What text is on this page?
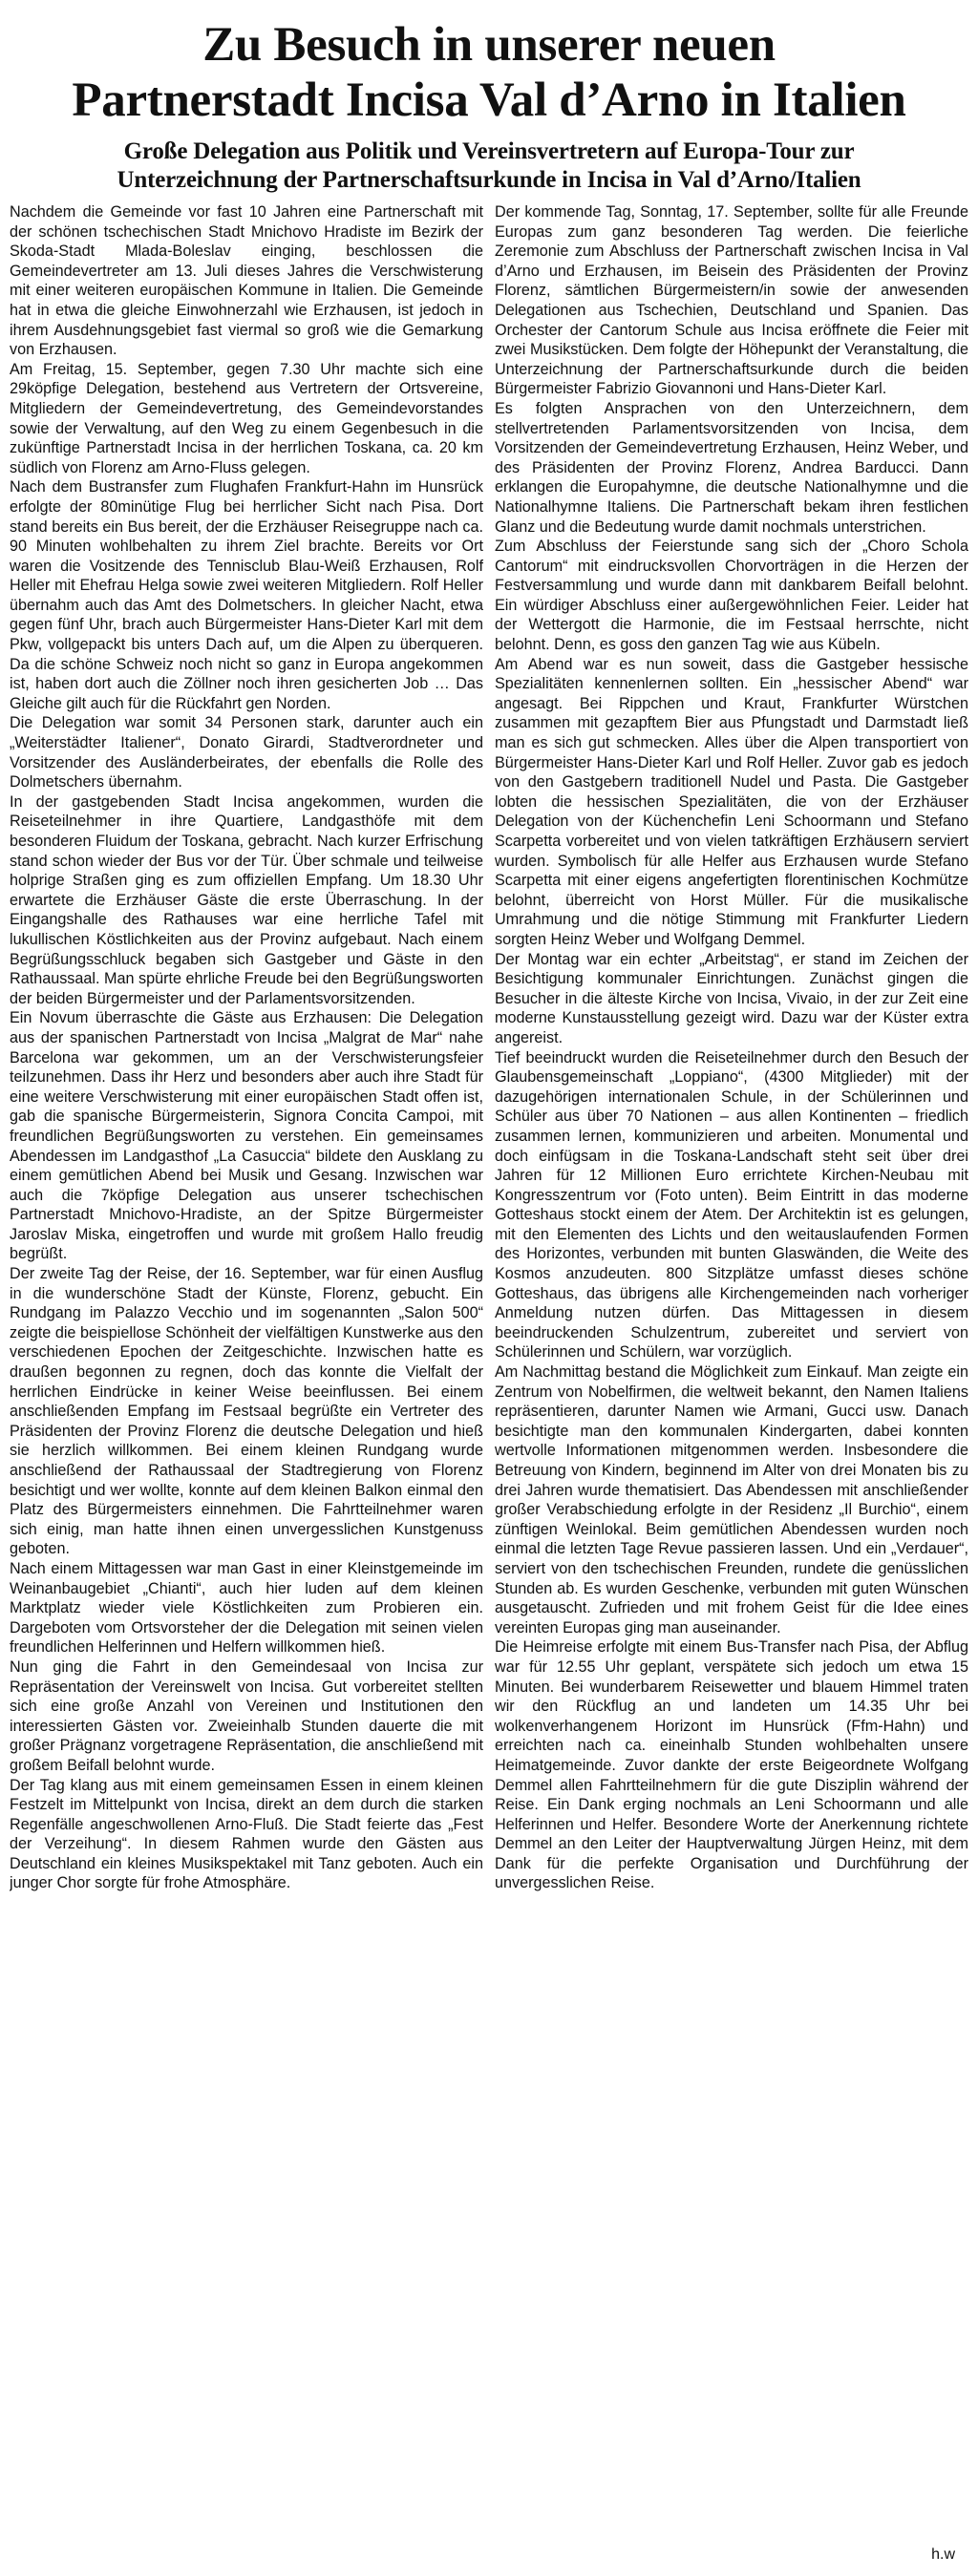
Zu Besuch in unserer neuen
Partnerstadt Incisa Val d’Arno in Italien
Große Delegation aus Politik und Vereinsvertretern auf Europa-Tour zur
Unterzeichnung der Partnerschaftsurkunde in Incisa in Val d’Arno/Italien

Nachdem die Gemeinde vor fast 10 Jahren eine Partnerschaft mit der schönen tschechischen Stadt Mnichovo Hradiste im Bezirk der Skoda-Stadt Mlada-Boleslav einging, beschlossen die Gemeindevertreter am 13. Juli dieses Jahres die Verschwisterung mit einer weiteren europäischen Kommune in Italien. Die Gemeinde hat in etwa die gleiche Einwohnerzahl wie Erzhausen, ist jedoch in ihrem Ausdehnungsgebiet fast viermal so groß wie die Gemarkung von Erzhausen.

Am Freitag, 15. September, gegen 7.30 Uhr machte sich eine 29köpfige Delegation, bestehend aus Vertretern der Ortsvereine, Mitgliedern der Gemeindevertretung, des Gemeindevorstandes sowie der Verwaltung, auf den Weg zu einem Gegenbesuch in die zukünftige Partnerstadt Incisa in der herrlichen Toskana, ca. 20 km südlich von Florenz am Arno-Fluss gelegen.

Nach dem Bustransfer zum Flughafen Frankfurt-Hahn im Hunsrück erfolgte der 80minütige Flug bei herrlicher Sicht nach Pisa. Dort stand bereits ein Bus bereit, der die Erzhäuser Reisegruppe nach ca. 90 Minuten wohlbehalten zu ihrem Ziel brachte. Bereits vor Ort waren die Vositzende des Tennisclub Blau-Weiß Erzhausen, Rolf Heller mit Ehefrau Helga sowie zwei weiteren Mitgliedern. Rolf Heller übernahm auch das Amt des Dolmetschers. In gleicher Nacht, etwa gegen fünf Uhr, brach auch Bürgermeister Hans-Dieter Karl mit dem Pkw, vollgepackt bis unters Dach auf, um die Alpen zu überqueren. Da die schöne Schweiz noch nicht so ganz in Europa angekommen ist, haben dort auch die Zöllner noch ihren gesicherten Job … Das Gleiche gilt auch für die Rückfahrt gen Norden.

Die Delegation war somit 34 Personen stark, darunter auch ein „Weiterstädter Italiener“, Donato Girardi, Stadtverordneter und Vorsitzender des Ausländerbeirates, der ebenfalls die Rolle des Dolmetschers übernahm.

In der gastgebenden Stadt Incisa angekommen, wurden die Reiseteilnehmer in ihre Quartiere, Landgasthöfe mit dem besonderen Fluidum der Toskana, gebracht. Nach kurzer Erfrischung stand schon wieder der Bus vor der Tür. Über schmale und teilweise holprige Straßen ging es zum offiziellen Empfang. Um 18.30 Uhr erwartete die Erzhäuser Gäste die erste Überraschung. In der Eingangshalle des Rathauses war eine herrliche Tafel mit lukullischen Köstlichkeiten aus der Provinz aufgebaut. Nach einem Begrüßungsschluck begaben sich Gastgeber und Gäste in den Rathaussaal. Man spürte ehrliche Freude bei den Begrüßungsworten der beiden Bürgermeister und der Parlamentsvorsitzenden.

Ein Novum überraschte die Gäste aus Erzhausen: Die Delegation aus der spanischen Partnerstadt von Incisa „Malgrat de Mar“ nahe Barcelona war gekommen, um an der Verschwisterungsfeier teilzunehmen. Dass ihr Herz und besonders aber auch ihre Stadt für eine weitere Verschwisterung mit einer europäischen Stadt offen ist, gab die spanische Bürgermeisterin, Signora Concita Campoi, mit freundlichen Begrüßungsworten zu verstehen. Ein gemeinsames Abendessen im Landgasthof „La Casuccia“ bildete den Ausklang zu einem gemütlichen Abend bei Musik und Gesang. Inzwischen war auch die 7köpfige Delegation aus unserer tschechischen Partnerstadt Mnichovo-Hradiste, an der Spitze Bürgermeister Jaroslav Miska, eingetroffen und wurde mit großem Hallo freudig begrüßt.

Der zweite Tag der Reise, der 16. September, war für einen Ausflug in die wunderschöne Stadt der Künste, Florenz, gebucht. Ein Rundgang im Palazzo Vecchio und im sogenannten „Salon 500“ zeigte die beispiellose Schönheit der vielfältigen Kunstwerke aus den verschiedenen Epochen der Zeitgeschichte. Inzwischen hatte es draußen begonnen zu regnen, doch das konnte die Vielfalt der herrlichen Eindrücke in keiner Weise beeinflussen. Bei einem anschließenden Empfang im Festsaal begrüßte ein Vertreter des Präsidenten der Provinz Florenz die deutsche Delegation und hieß sie herzlich willkommen. Bei einem kleinen Rundgang wurde anschließend der Rathaussaal der Stadtregierung von Florenz besichtigt und wer wollte, konnte auf dem kleinen Balkon einmal den Platz des Bürgermeisters einnehmen. Die Fahrtteilnehmer waren sich einig, man hatte ihnen einen unvergesslichen Kunstgenuss geboten.

Nach einem Mittagessen war man Gast in einer Kleinstgemeinde im Weinanbaugebiet „Chianti“, auch hier luden auf dem kleinen Marktplatz wieder viele Köstlichkeiten zum Probieren ein. Dargeboten vom Ortsvorsteher der die Delegation mit seinen vielen freundlichen Helferinnen und Helfern willkommen hieß.

Nun ging die Fahrt in den Gemeindesaal von Incisa zur Repräsentation der Vereinswelt von Incisa. Gut vorbereitet stellten sich eine große Anzahl von Vereinen und Institutionen den interessierten Gästen vor. Zweieinhalb Stunden dauerte die mit großer Prägnanz vorgetragene Repräsentation, die anschließend mit großem Beifall belohnt wurde.

Der Tag klang aus mit einem gemeinsamen Essen in einem kleinen Festzelt im Mittelpunkt von Incisa, direkt an dem durch die starken Regenfälle angeschwollenen Arno-Fluß. Die Stadt feierte das „Fest der Verzeihung“. In diesem Rahmen wurde den Gästen aus Deutschland ein kleines Musikspektakel mit Tanz geboten. Auch ein junger Chor sorgte für frohe Atmosphäre.

Der kommende Tag, Sonntag, 17. September, sollte für alle Freunde Europas zum ganz besonderen Tag werden. Die feierliche Zeremonie zum Abschluss der Partnerschaft zwischen Incisa in Val d’Arno und Erzhausen, im Beisein des Präsidenten der Provinz Florenz, sämtlichen Bürgermeistern/in sowie der anwesenden Delegationen aus Tschechien, Deutschland und Spanien. Das Orchester der Cantorum Schule aus Incisa eröffnete die Feier mit zwei Musikstücken. Dem folgte der Höhepunkt der Veranstaltung, die Unterzeichnung der Partnerschaftsurkunde durch die beiden Bürgermeister Fabrizio Giovannoni und Hans-Dieter Karl.

Es folgten Ansprachen von den Unterzeichnern, dem stellvertretenden Parlamentsvorsitzenden von Incisa, dem Vorsitzenden der Gemeindevertretung Erzhausen, Heinz Weber, und des Präsidenten der Provinz Florenz, Andrea Barducci. Dann erklangen die Europahymne, die deutsche Nationalhymne und die Nationalhymne Italiens. Die Partnerschaft bekam ihren festlichen Glanz und die Bedeutung wurde damit nochmals unterstrichen.

Zum Abschluss der Feierstunde sang sich der „Choro Schola Cantorum“ mit eindrucksvollen Chorvorträgen in die Herzen der Festversammlung und wurde dann mit dankbarem Beifall belohnt. Ein würdiger Abschluss einer außergewöhnlichen Feier. Leider hat der Wettergott die Harmonie, die im Festsaal herrschte, nicht belohnt. Denn, es goss den ganzen Tag wie aus Kübeln.

Am Abend war es nun soweit, dass die Gastgeber hessische Spezialitäten kennenlernen sollten. Ein „hessischer Abend“ war angesagt. Bei Rippchen und Kraut, Frankfurter Würstchen zusammen mit gezapftem Bier aus Pfungstadt und Darmstadt ließ man es sich gut schmecken. Alles über die Alpen transportiert von Bürgermeister Hans-Dieter Karl und Rolf Heller. Zuvor gab es jedoch von den Gastgebern traditionell Nudel und Pasta. Die Gastgeber lobten die hessischen Spezialitäten, die von der Erzhäuser Delegation von der Küchenchefin Leni Schoormann und Stefano Scarpetta vorbereitet und von vielen tatkräftigen Erzhäusern serviert wurden. Symbolisch für alle Helfer aus Erzhausen wurde Stefano Scarpetta mit einer eigens angefertigten florentinischen Kochmütze belohnt, überreicht von Horst Müller. Für die musikalische Umrahmung und die nötige Stimmung mit Frankfurter Liedern sorgten Heinz Weber und Wolfgang Demmel.

Der Montag war ein echter „Arbeitstag“, er stand im Zeichen der Besichtigung kommunaler Einrichtungen. Zunächst gingen die Besucher in die älteste Kirche von Incisa, Vivaio, in der zur Zeit eine moderne Kunstausstellung gezeigt wird. Dazu war der Küster extra angereist.

Tief beeindruckt wurden die Reiseteilnehmer durch den Besuch der Glaubensgemeinschaft „Loppiano“, (4300 Mitglieder) mit der dazugehörigen internationalen Schule, in der Schülerinnen und Schüler aus über 70 Nationen – aus allen Kontinenten – friedlich zusammen lernen, kommunizieren und arbeiten. Monumental und doch einfügsam in die Toskana-Landschaft steht seit über drei Jahren für 12 Millionen Euro errichtete Kirchen-Neubau mit Kongresszentrum vor (Foto unten). Beim Eintritt in das moderne Gotteshaus stockt einem der Atem. Der Architektin ist es gelungen, mit den Elementen des Lichts und den weitauslaufenden Formen des Horizontes, verbunden mit bunten Glaswänden, die Weite des Kosmos anzudeuten. 800 Sitzplätze umfasst dieses schöne Gotteshaus, das übrigens alle Kirchengemeinden nach vorheriger Anmeldung nutzen dürfen. Das Mittagessen in diesem beeindruckenden Schulzentrum, zubereitet und serviert von Schülerinnen und Schülern, war vorzüglich.

Am Nachmittag bestand die Möglichkeit zum Einkauf. Man zeigte ein Zentrum von Nobelfirmen, die weltweit bekannt, den Namen Italiens repräsentieren, darunter Namen wie Armani, Gucci usw. Danach besichtigte man den kommunalen Kindergarten, dabei konnten wertvolle Informationen mitgenommen werden. Insbesondere die Betreuung von Kindern, beginnend im Alter von drei Monaten bis zu drei Jahren wurde thematisiert. Das Abendessen mit anschließender großer Verabschiedung erfolgte in der Residenz „Il Burchio“, einem zünftigen Weinlokal. Beim gemütlichen Abendessen wurden noch einmal die letzten Tage Revue passieren lassen. Und ein „Verdauer“, serviert von den tschechischen Freunden, rundete die genüsslichen Stunden ab. Es wurden Geschenke, verbunden mit guten Wünschen ausgetauscht. Zufrieden und mit frohem Geist für die Idee eines vereinten Europas ging man auseinander.

Die Heimreise erfolgte mit einem Bus-Transfer nach Pisa, der Abflug war für 12.55 Uhr geplant, verspätete sich jedoch um etwa 15 Minuten. Bei wunderbarem Reisewetter und blauem Himmel traten wir den Rückflug an und landeten um 14.35 Uhr bei wolkenverhangenem Horizont im Hunsrück (Ffm-Hahn) und erreichten nach ca. eineinhalb Stunden wohlbehalten unsere Heimatgemeinde. Zuvor dankte der erste Beigeordnete Wolfgang Demmel allen Fahrtteilnehmern für die gute Disziplin während der Reise. Ein Dank erging nochmals an Leni Schoormann und alle Helferinnen und Helfer. Besondere Worte der Anerkennung richtete Demmel an den Leiter der Hauptverwaltung Jürgen Heinz, mit dem Dank für die perfekte Organisation und Durchführung der unvergesslichen Reise.

h.w
